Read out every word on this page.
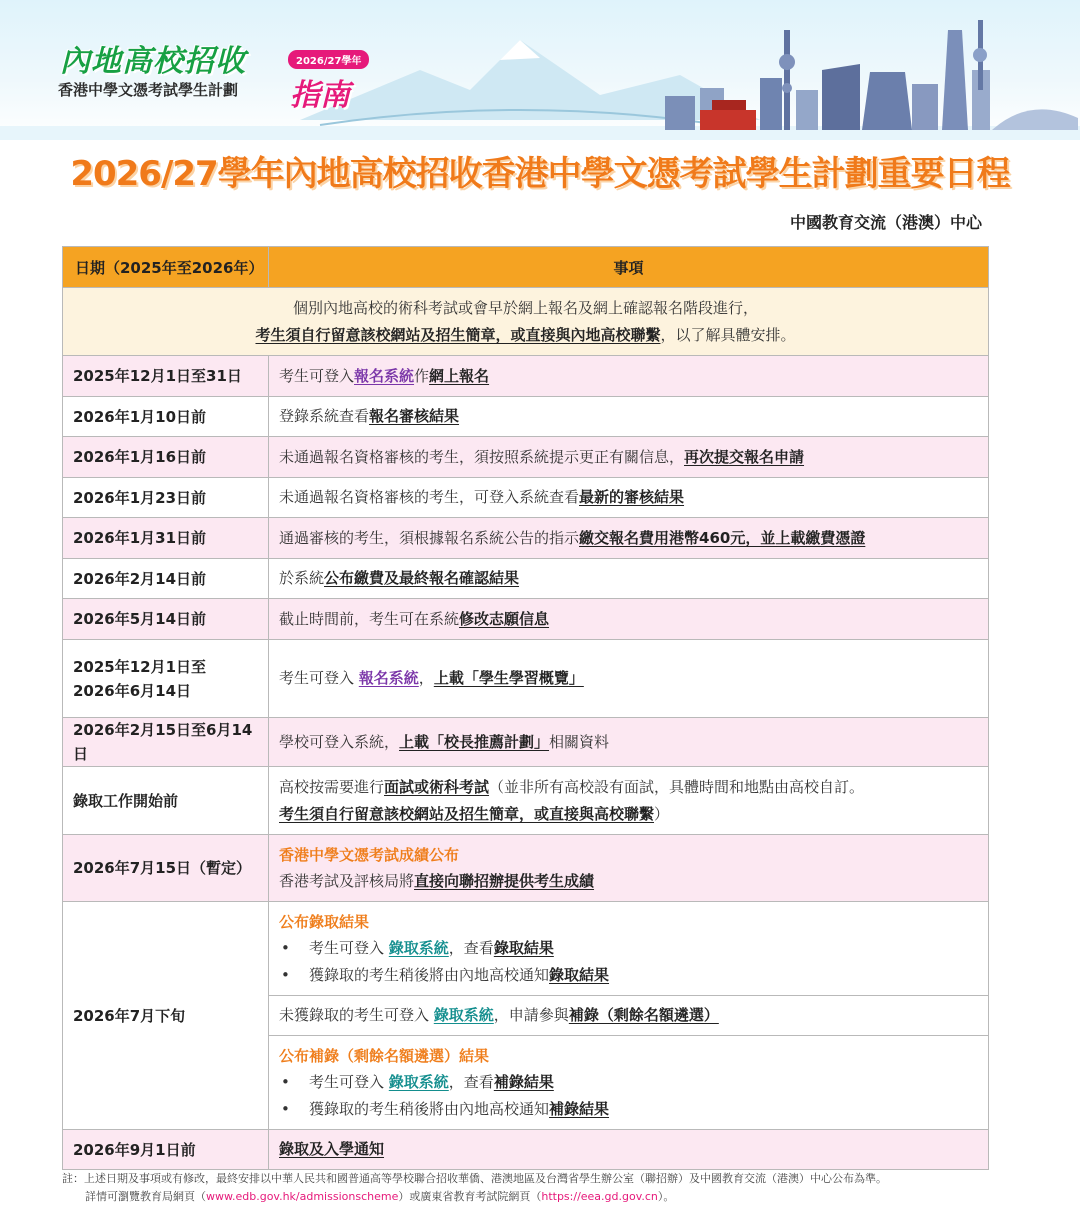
內地高校招收	2026/27學年
香港中學文憑考試學生計劃 指南
2026/27學年內地高校招收香港中學文憑考試學生計劃重要日程
中國教育交流（港澳）中心
日期（2025年至2026年）	事項

個別內地高校的術科考試或會早於網上報名及網上確認報名階段進行，
考生須自行留意該校網站及招生簡章，或直接與內地高校聯繫，以了解具體安排。	

2025年12月1日至31日	考生可登入報名系統作網上報名
2026年1月10日前	登錄系統查看報名審核結果
2026年1月16日前	未通過報名資格審核的考生，須按照系統提示更正有關信息，再次提交報名申請
2026年1月23日前	未通過報名資格審核的考生，可登入系統查看最新的審核結果
2026年1月31日前	通過審核的考生，須根據報名系統公告的指示繳交報名費用港幣460元，並上載繳費憑證
2026年2月14日前	於系統公布繳費及最終報名確認結果
2026年5月14日前	截止時間前，考生可在系統修改志願信息

2025年12月1日至
2026年6月14日	考生可登入 報名系統，上載「學生學習概覽」
2026年2月15日至6月14日	學校可登入系統，上載「校長推薦計劃」相關資料
錄取工作開始前	高校按需要進行面試或術科考試（並非所有高校設有面試，具體時間和地點由高校自訂。
考生須自行留意該校網站及招生簡章，或直接與高校聯繫）

2026年7月15日（暫定）	香港中學文憑考試成績公布
香港考試及評核局將直接向聯招辦提供考生成績

2026年7月下旬	公布錄取結果
• 考生可登入 錄取系統，查看錄取結果
• 獲錄取的考生稍後將由內地高校通知錄取結果

	未獲錄取的考生可登入 錄取系統，申請參與補錄（剩餘名額遴選）

	公布補錄（剩餘名額遴選）結果
• 考生可登入 錄取系統，查看補錄結果
• 獲錄取的考生稍後將由內地高校通知補錄結果

2026年9月1日前	錄取及入學通知
註：上述日期及事項或有修改，最終安排以中華人民共和國普通高等學校聯合招收華僑、港澳地區及台灣省學生辦公室（聯招辦）及中國教育交流（港澳）中心公布為準。
詳情可瀏覽教育局網頁（www.edb.gov.hk/admissionscheme）或廣東省教育考試院網頁（https://eea.gd.gov.cn）。
